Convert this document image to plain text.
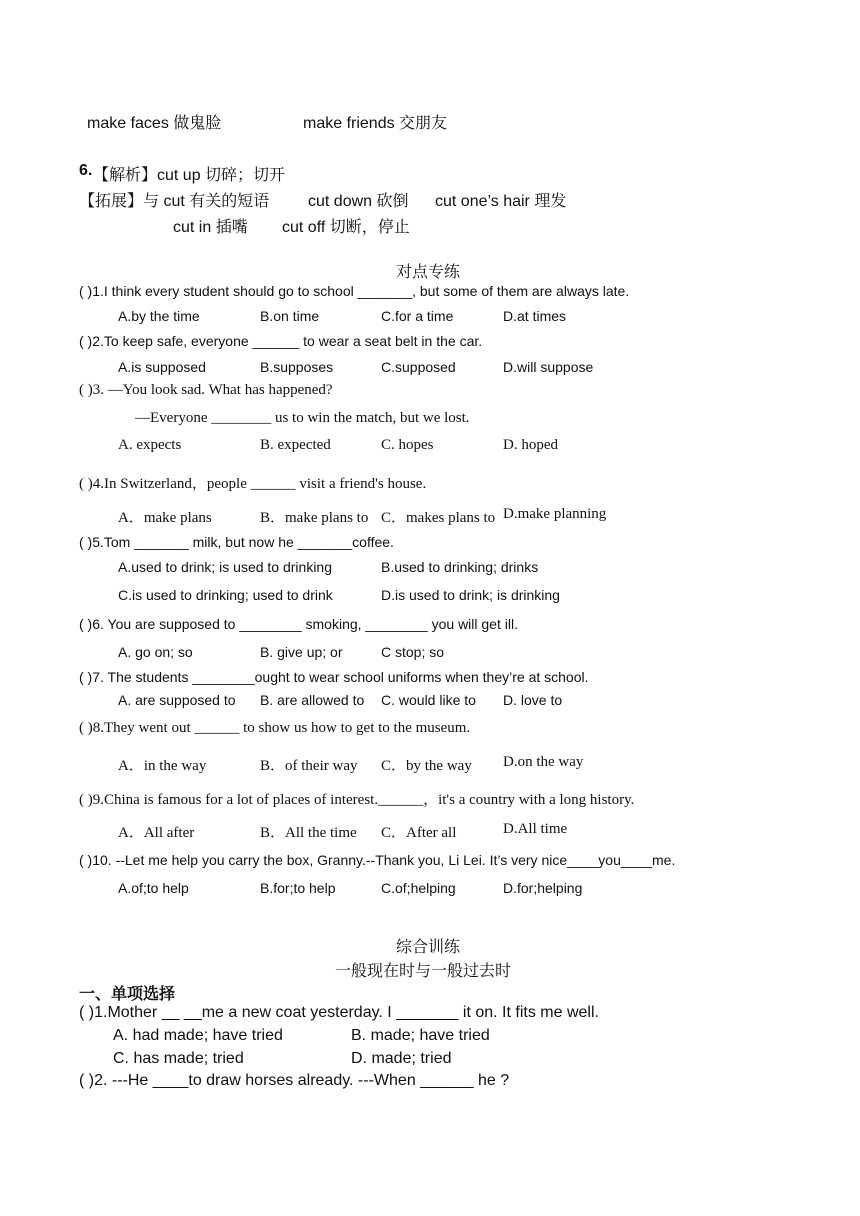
make faces 做鬼脸	make friends 交朋友
6. 【解析】cut up 切碎；切开
【拓展】与 cut 有关的短语 cut down 砍倒 cut one’s hair 理发
cut in 插嘴 cut off 切断，停止
对点专练
( )1.I think every student should go to school _______, but some of them are always late.
A.by the time	B.on time	C.for a time	D.at times
( )2.To keep safe, everyone ______ to wear a seat belt in the car.
A.is supposed	B.supposes	C.supposed	D.will suppose
( )3. —You look sad. What has happened?
—Everyone ________ us to win the match, but we lost.
A. expects	B. expected	C. hopes	D. hoped
( )4.In Switzerland，people ______ visit a friend's house.
A．make plans	B．make plans to C．makes plans to D.make planning
( )5.Tom _______ milk, but now he _______coffee.
A.used to drink; is used to drinking	B.used to drinking; drinks
C.is used to drinking; used to drink	D.is used to drink; is drinking
( )6. You are supposed to ________ smoking, ________ you will get ill.
A. go on; so	B. give up; or	C stop; so
( )7. The students ________ought to wear school uniforms when they’re at school.
A. are supposed to B. are allowed to C. would like to D. love to
( )8.They went out ______ to show us how to get to the museum.
A．in the way	B．of their way C．by the way D.on the way
( )9.China is famous for a lot of places of interest.______，it's a country with a long history.
A．All after	B．All the time C．After all	D.All time
( )10. --Let me help you carry the box, Granny.--Thank you, Li Lei. It’s very nice____you____me.
A.of;to help	B.for;to help	C.of;helping	D.for;helping
综合训练
一般现在时与一般过去时
一、单项选择
( )1.Mother __ __me a new coat yesterday. I _______ it on. It fits me well.
A. had made; have tried	B. made; have tried
C. has made; tried	D. made; tried
( )2. ---He ____to draw horses already. ---When ______ he ?
